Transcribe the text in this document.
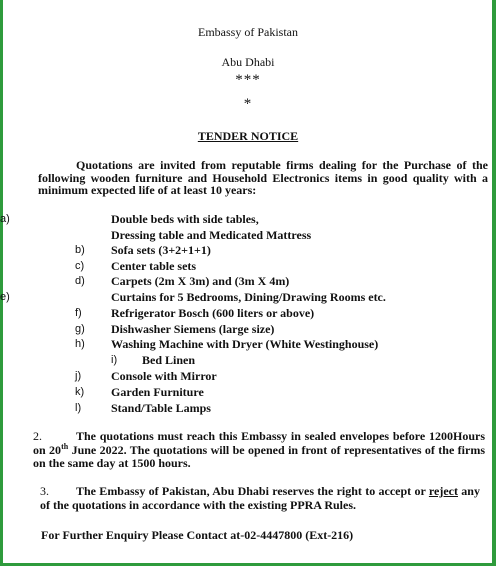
Embassy of Pakistan
Abu Dhabi
***
*
TENDER NOTICE

Quotations are invited from reputable firms dealing for the Purchase of the following wooden furniture and Household Electronics items in good quality with a minimum expected life of at least 10 years:

a)	Double beds with side tables,
Dressing table and Medicated Mattress
b) Sofa sets (3+2+1+1)
c) Center table sets
d) Carpets (2m X 3m) and (3m X 4m)
e)	Curtains for 5 Bedrooms, Dining/Drawing Rooms etc.
f) Refrigerator Bosch (600 liters or above)
g) Dishwasher Siemens (large size)
h) Washing Machine with Dryer (White Westinghouse)
i) Bed Linen
j) Console with Mirror
k) Garden Furniture
l) Stand/Table Lamps

2.	The quotations must reach this Embassy in sealed envelopes before 1200Hours on 20th June 2022. The quotations will be opened in front of representatives of the firms on the same day at 1500 hours.

3. The Embassy of Pakistan, Abu Dhabi reserves the right to accept or reject any of the quotations in accordance with the existing PPRA Rules.

For Further Enquiry Please Contact at-02-4447800 (Ext-216)
